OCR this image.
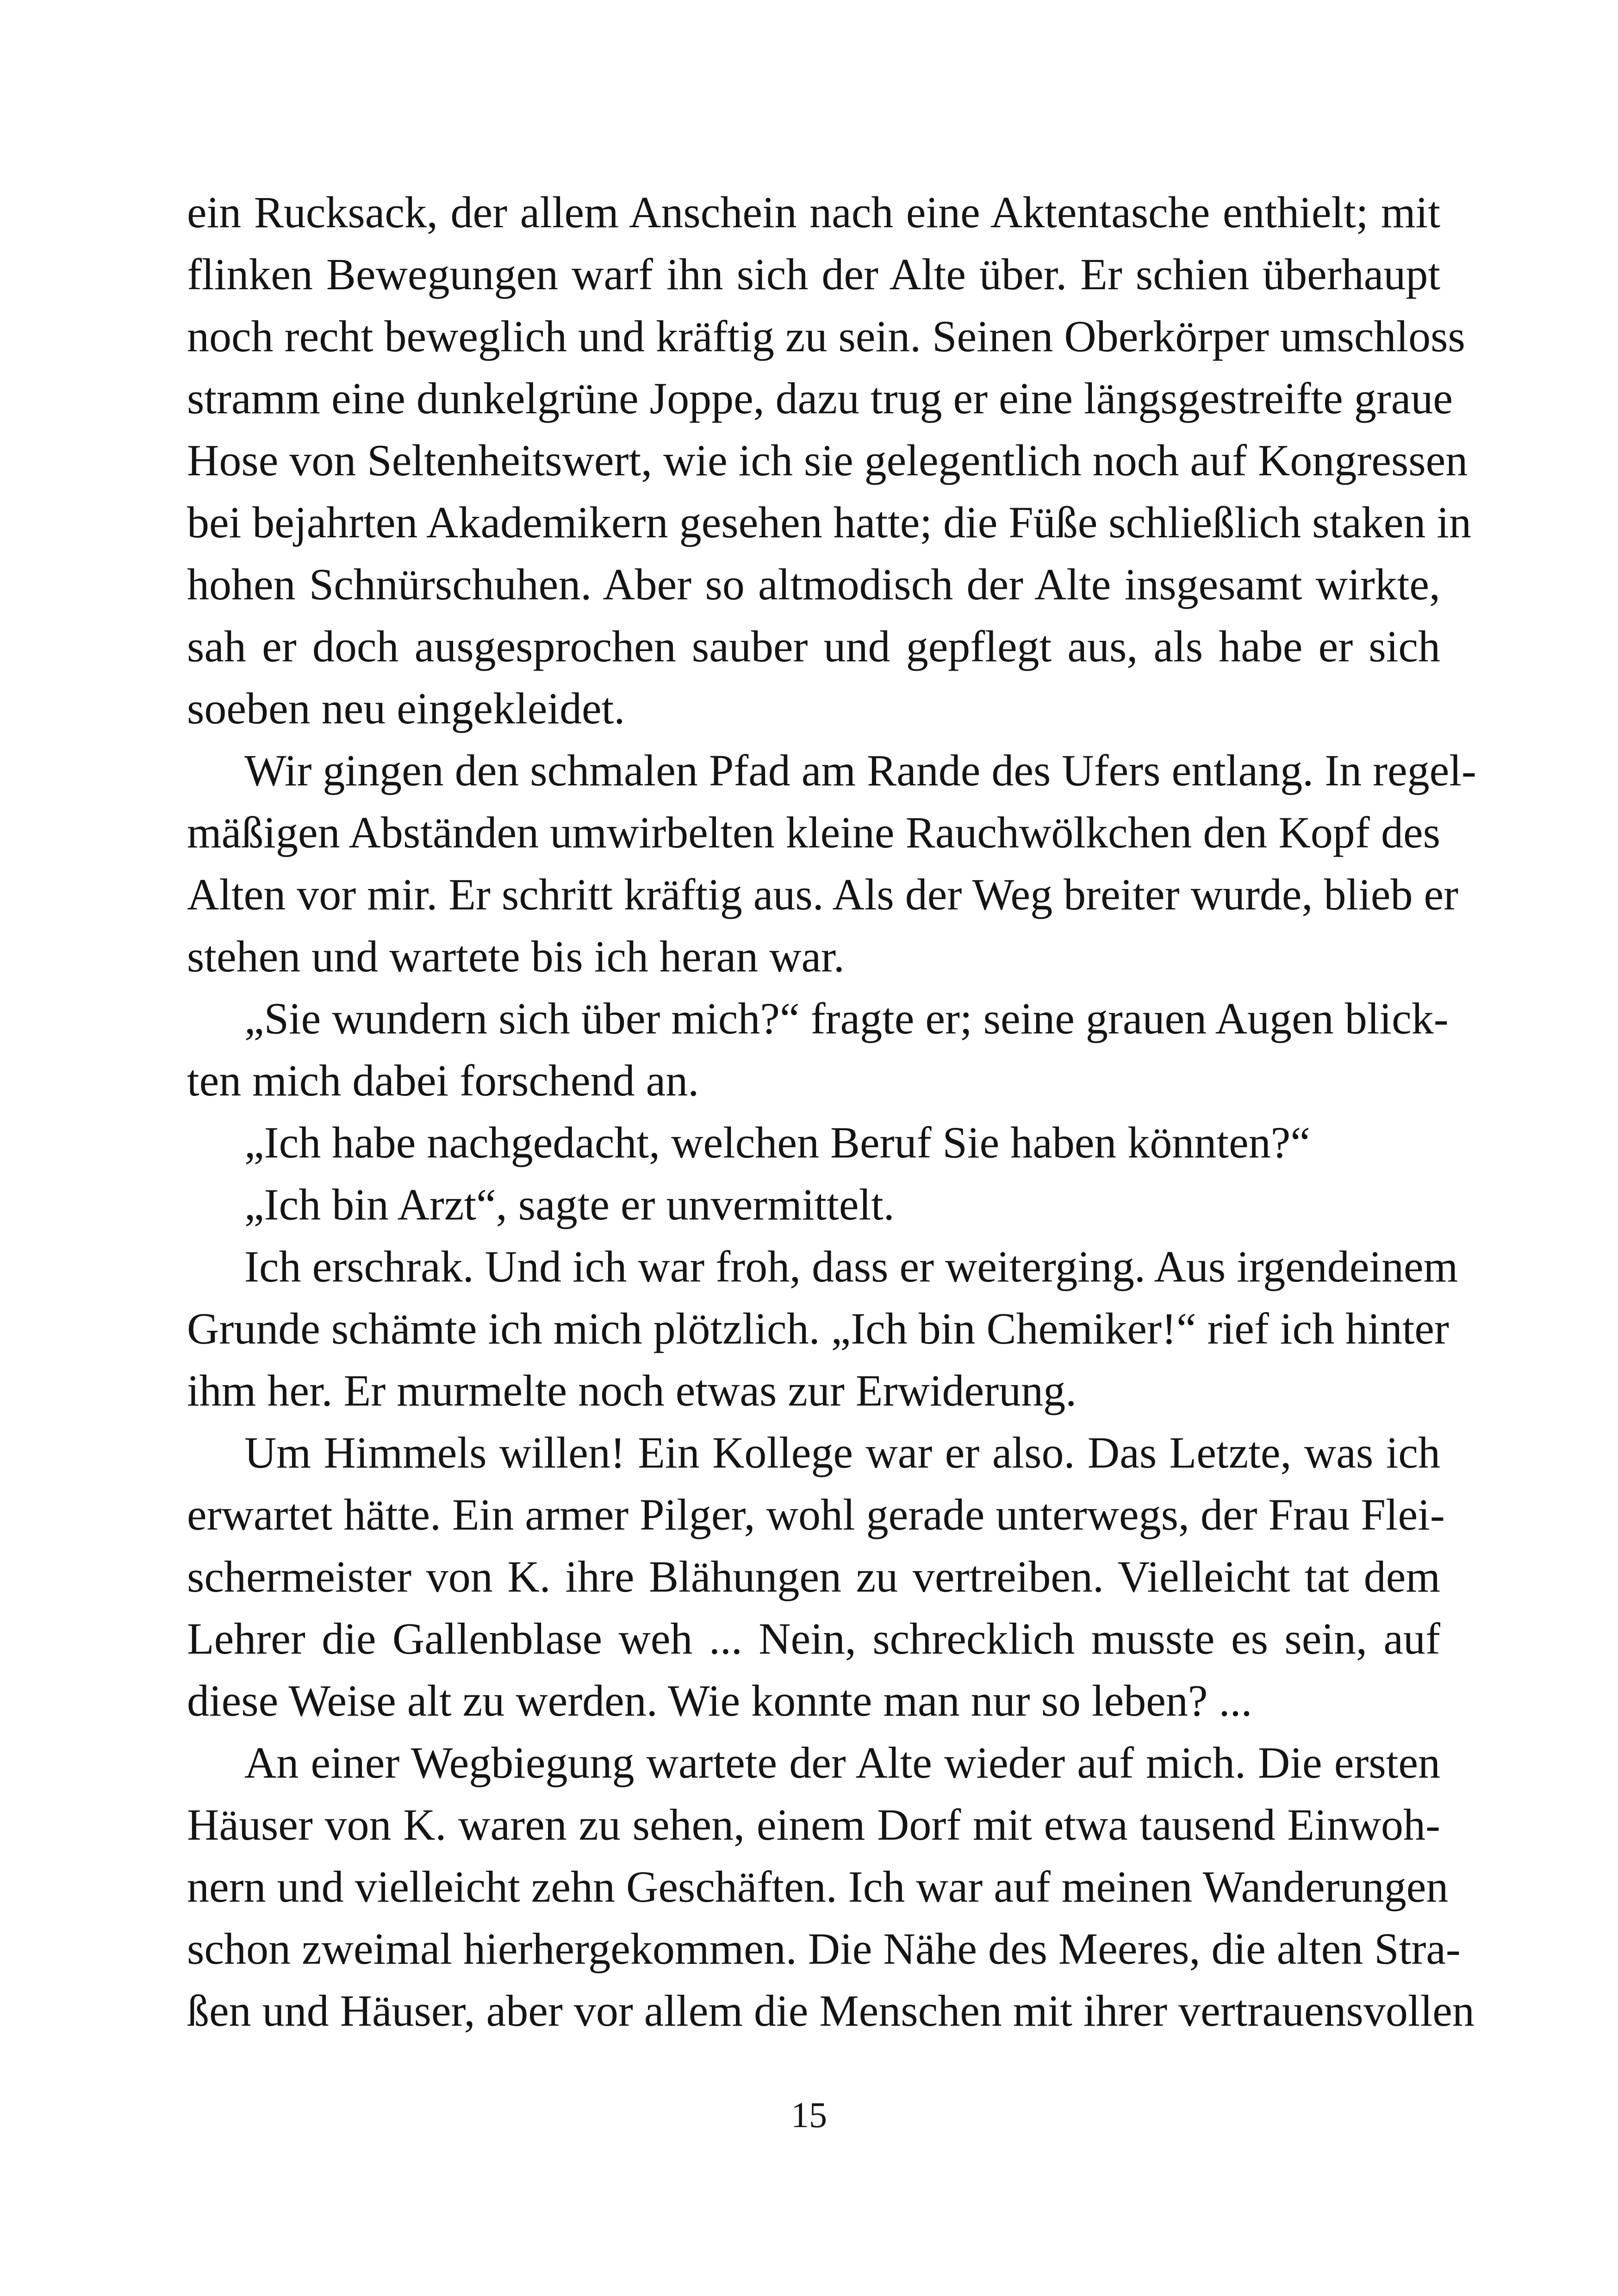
ein Rucksack, der allem Anschein nach eine Aktentasche enthielt; mit
flinken Bewegungen warf ihn sich der Alte über. Er schien überhaupt
noch recht beweglich und kräftig zu sein. Seinen Oberkörper umschloss
stramm eine dunkelgrüne Joppe, dazu trug er eine längsgestreifte graue
Hose von Seltenheitswert, wie ich sie gelegentlich noch auf Kongressen
bei bejahrten Akademikern gesehen hatte; die Füße schließlich staken in
hohen Schnürschuhen. Aber so altmodisch der Alte insgesamt wirkte,
sah er doch ausgesprochen sauber und gepflegt aus, als habe er sich
soeben neu eingekleidet.
Wir gingen den schmalen Pfad am Rande des Ufers entlang. In regel-
mäßigen Abständen umwirbelten kleine Rauchwölkchen den Kopf des
Alten vor mir. Er schritt kräftig aus. Als der Weg breiter wurde, blieb er
stehen und wartete bis ich heran war.
„Sie wundern sich über mich?“ fragte er; seine grauen Augen blick-
ten mich dabei forschend an.
„Ich habe nachgedacht, welchen Beruf Sie haben könnten?“
„Ich bin Arzt“, sagte er unvermittelt.
Ich erschrak. Und ich war froh, dass er weiterging. Aus irgendeinem
Grunde schämte ich mich plötzlich. „Ich bin Chemiker!“ rief ich hinter
ihm her. Er murmelte noch etwas zur Erwiderung.
Um Himmels willen! Ein Kollege war er also. Das Letzte, was ich
erwartet hätte. Ein armer Pilger, wohl gerade unterwegs, der Frau Flei-
schermeister von K. ihre Blähungen zu vertreiben. Vielleicht tat dem
Lehrer die Gallenblase weh ... Nein, schrecklich musste es sein, auf
diese Weise alt zu werden. Wie konnte man nur so leben? ...
An einer Wegbiegung wartete der Alte wieder auf mich. Die ersten
Häuser von K. waren zu sehen, einem Dorf mit etwa tausend Einwoh-
nern und vielleicht zehn Geschäften. Ich war auf meinen Wanderungen
schon zweimal hierhergekommen. Die Nähe des Meeres, die alten Stra-
ßen und Häuser, aber vor allem die Menschen mit ihrer vertrauensvollen
15
